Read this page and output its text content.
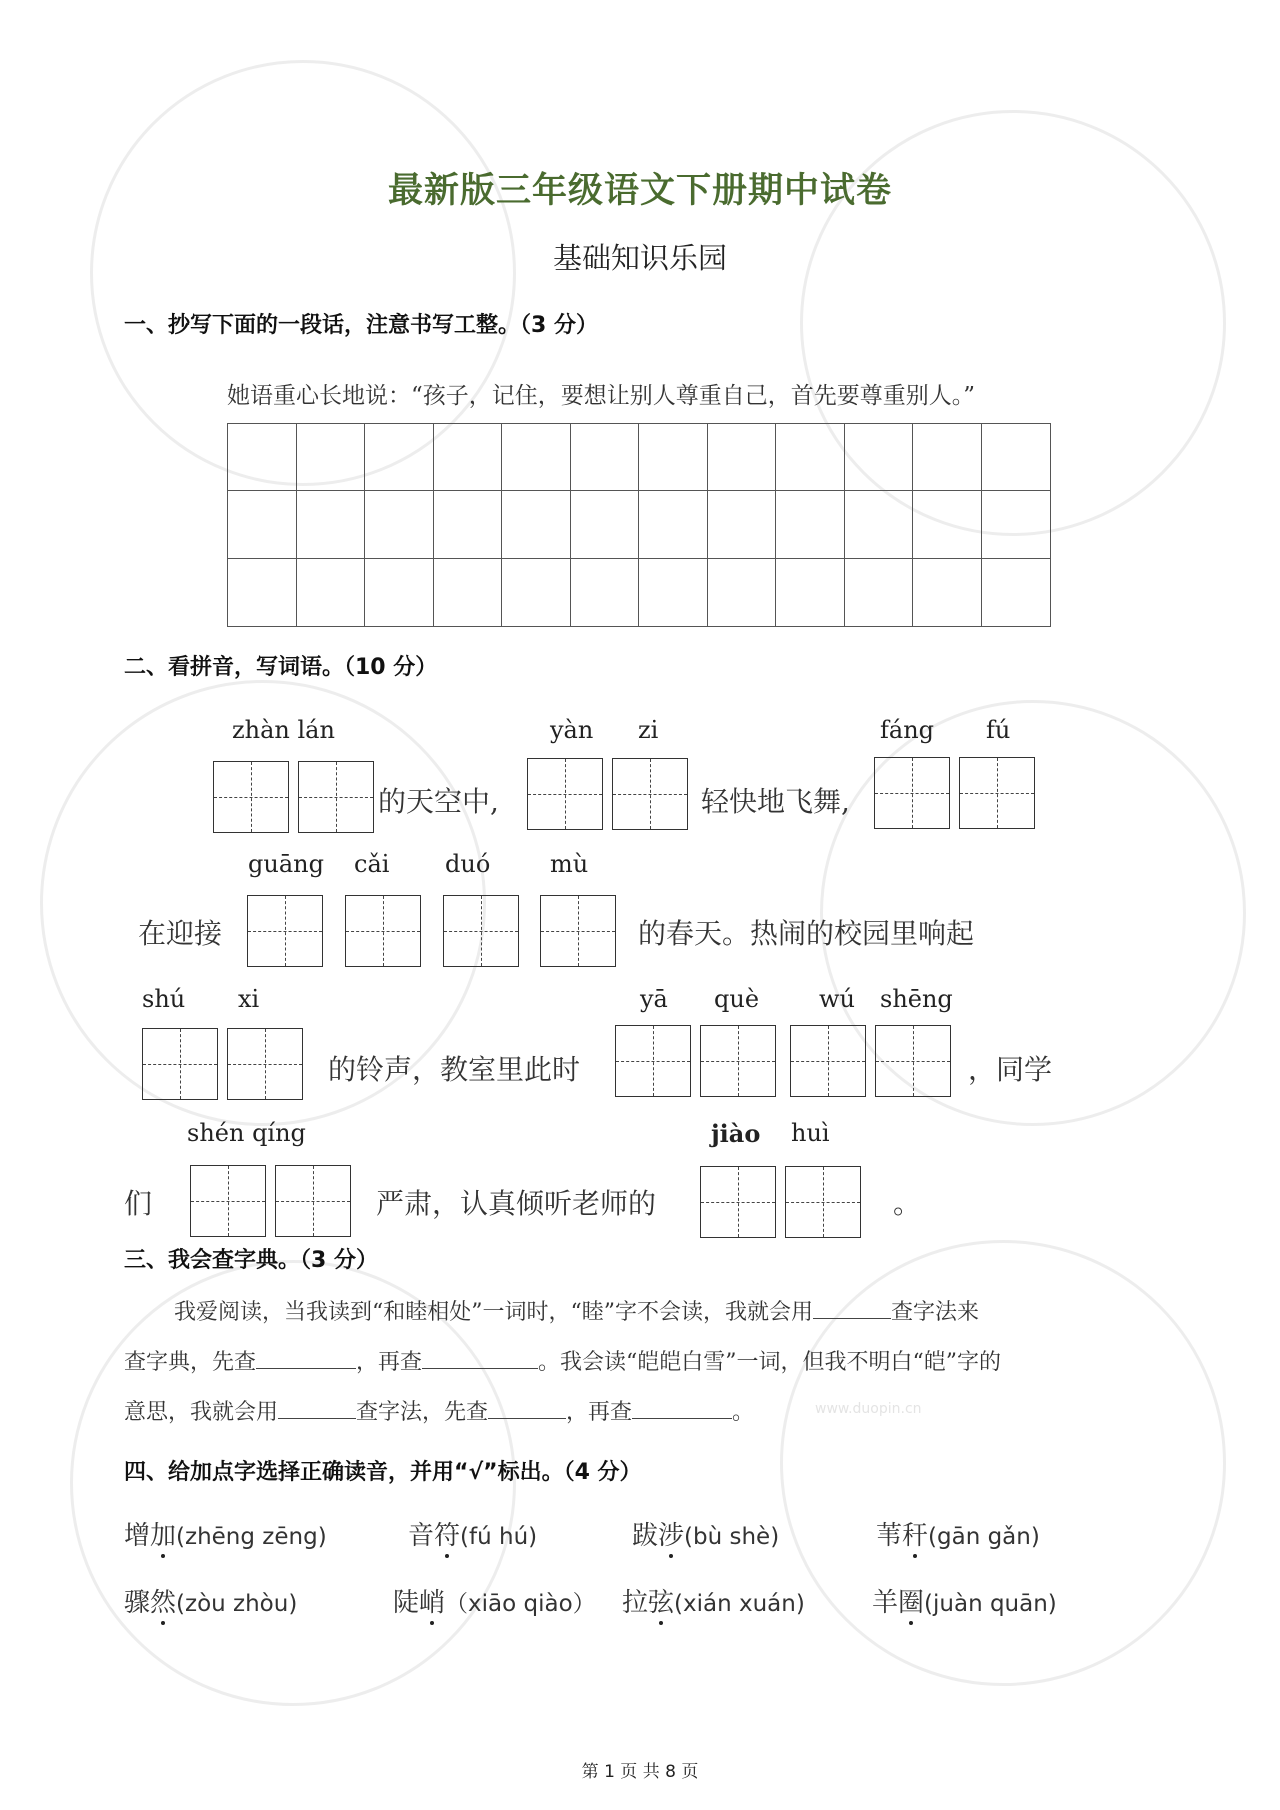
最新版三年级语文下册期中试卷
基础知识乐园
一、抄写下面的一段话，注意书写工整。（3 分）
她语重心长地说：“孩子，记住，要想让别人尊重自己，首先要尊重别人。”
二、看拼音，写词语。（10 分）
zhàn lán	yàn zi	fáng fú
的天空中,	轻快地飞舞,
guāng cǎi duó mù
在迎接	的春天。热闹的校园里响起
shú xi	yā què wú shēng
的铃声，教室里此时	，同学
shén qíng	jiào huì
们	严肃，认真倾听老师的	。
三、我会查字典。（3 分）
我爱阅读，当我读到“和睦相处”一词时，“睦”字不会读，我就会用	查字法来
查字典，先查	，再查	。我会读“皑皑白雪”一词，但我不明白“皑”字的
意思，我就会用	查字法，先查	，再查	。	www.duopin.cn
四、给加点字选择正确读音，并用“√”标出。（4 分）
增加(zhēng zēng)	音符(fú hú)	跋涉(bù shè)	苇秆(gān gǎn)
骤然(zòu zhòu)	陡峭（xiāo qiào） 拉弦(xián xuán)	羊圈(juàn quān)
第 1 页 共 8 页
